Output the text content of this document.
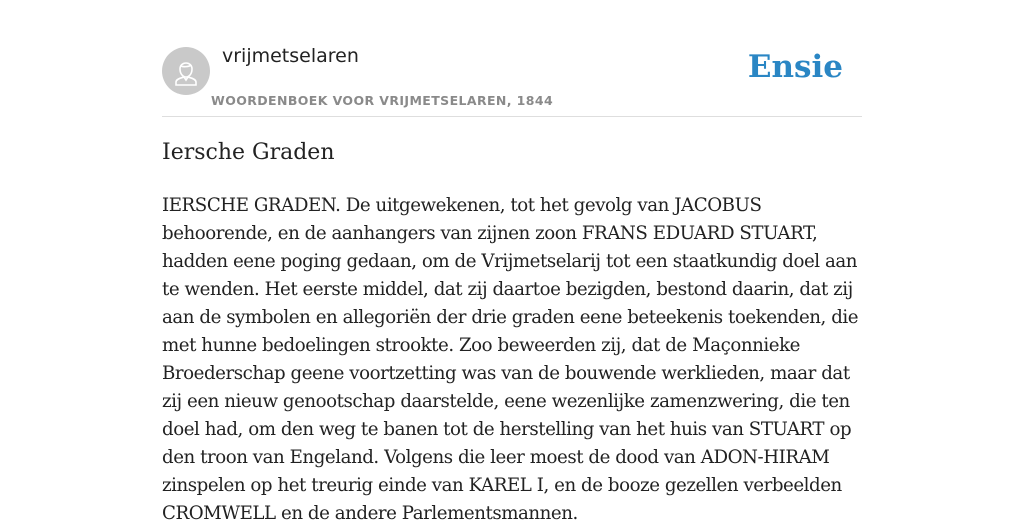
vrijmetselaren
WOORDENBOEK VOOR VRIJMETSELAREN, 1844
Ensie
Iersche Graden

IERSCHE GRADEN. De uitgewekenen, tot het gevolg van JACOBUS behoorende, en de aanhangers van zijnen zoon FRANS EDUARD STUART, hadden eene poging gedaan, om de Vrijmetselarij tot een staatkundig doel aan te wenden. Het eerste middel, dat zij daartoe bezigden, bestond daarin, dat zij aan de symbolen en allegoriën der drie graden eene beteekenis toekenden, die met hunne bedoelingen strookte. Zoo beweerden zij, dat de Maçonnieke Broederschap geene voortzetting was van de bouwende werklieden, maar dat zij een nieuw genootschap daarstelde, eene wezenlijke zamenzwering, die ten doel had, om den weg te banen tot de herstelling van het huis van STUART op den troon van Engeland. Volgens die leer moest de dood van ADON-HIRAM zinspelen op het treurig einde van KAREL I, en de booze gezellen verbeelden CROMWELL en de andere Parlementsmannen.
